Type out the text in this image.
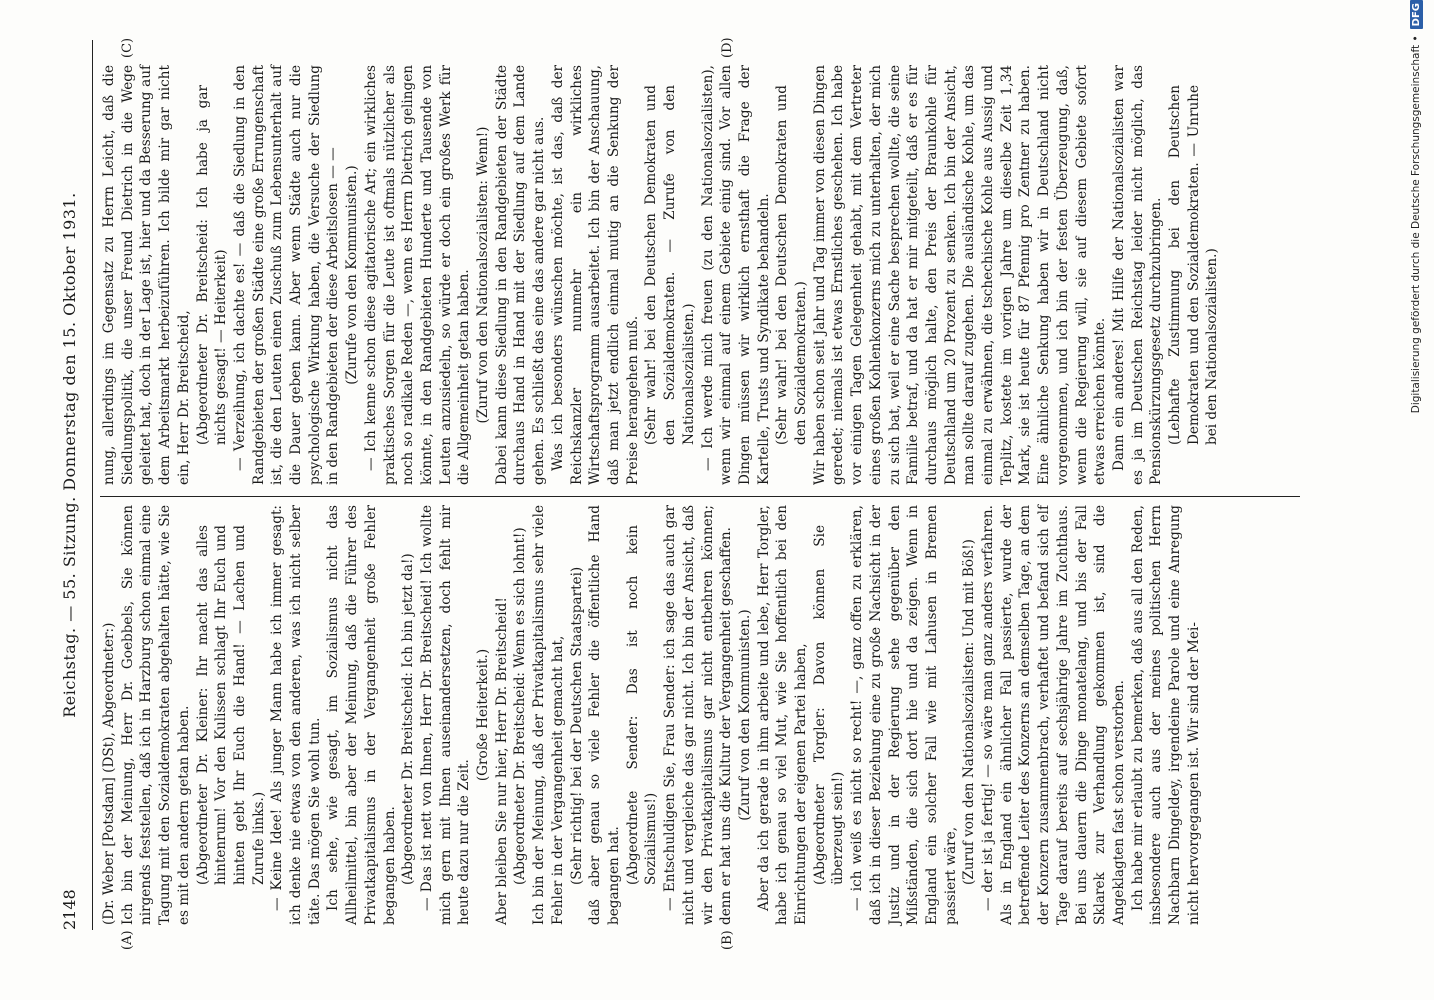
2148
Reichstag. — 55. Sitzung. Donnerstag den 15. Oktober 1931.
(A)	(B)
(C)	(D)

(Dr. Weber [Potsdam] (DSt), Abgeordneter:) Ich bin der Meinung, Herr Dr. Goebbels, Sie können nirgends feststellen, daß ich in Harzburg schon einmal eine Tagung mit den Sozialdemokraten abgehalten hätte, wie Sie es mit den andern getan haben. (Abgeordneter Dr. Kleiner: Ihr macht das alles hintenrum! Vor den Kulissen schlagt Ihr Euch und hinten gebt Ihr Euch die Hand! — Lachen und Zurufe links.) — Keine Idee! Als junger Mann habe ich immer gesagt: ich denke nie etwas von den anderen, was ich nicht selber täte. Das mögen Sie wohl tun. Ich sehe, wie gesagt, im Sozialismus nicht das Allheilmittel, bin aber der Meinung, daß die Führer des Privatkapitalismus in der Vergangenheit große Fehler begangen haben. (Abgeordneter Dr. Breitscheid: Ich bin jetzt da!) — Das ist nett von Ihnen, Herr Dr. Breitscheid! Ich wollte mich gern mit Ihnen auseinandersetzen, doch fehlt mir heute dazu nur die Zeit.

(Große Heiterkeit.) Aber bleiben Sie nur hier, Herr Dr. Breitscheid! (Abgeordneter Dr. Breitscheid: Wenn es sich lohnt!) Ich bin der Meinung, daß der Privatkapitalismus sehr viele Fehler in der Vergangenheit gemacht hat, (Sehr richtig! bei der Deutschen Staatspartei) daß aber genau so viele Fehler die öffentliche Hand begangen hat. (Abgeordnete Sender: Das ist noch kein Sozialismus!) — Entschuldigen Sie, Frau Sender: ich sage das auch gar nicht und vergleiche das gar nicht. Ich bin der Ansicht, daß wir den Privatkapitalismus gar nicht entbehren können; denn er hat uns die Kultur der Vergangenheit geschaffen. (Zuruf von den Kommunisten.) Aber da ich gerade in ihm arbeite und lebe, Herr Torgler, habe ich genau so viel Mut, wie Sie hoffentlich bei den Einrichtungen der eigenen Partei haben, (Abgeordneter Torgler: Davon können Sie überzeugt sein!) — ich weiß es nicht so recht! —, ganz offen zu erklären, daß ich in dieser Beziehung eine zu große Nachsicht in der Justiz und in der Regierung sehe gegenüber den Mißständen, die sich dort hie und da zeigen. Wenn in England ein solcher Fall wie mit Lahusen in Bremen passiert wäre, (Zuruf von den Nationalsozialisten: Und mit Böß!) — der ist ja fertig! — so wäre man ganz anders verfahren. Als in England ein ähnlicher Fall passierte, wurde der betreffende Leiter des Konzerns an demselben Tage, an dem der Konzern zusammenbrach, verhaftet und befand sich elf Tage darauf bereits auf sechsjährige Jahre im Zuchthaus. Bei uns dauern die Dinge monatelang, und bis der Fall Sklarek zur Verhandlung gekommen ist, sind die Angeklagten fast schon verstorben. Ich habe mir erlaubt zu bemerken, daß aus all den Reden, insbesondere auch aus der meines politischen Herrn Nachbarn Dingeldey, irgendeine Parole und eine Anregung nicht hervorgegangen ist. Wir sind der Mei-

nung, allerdings im Gegensatz zu Herrn Leicht, daß die Siedlungspolitik, die unser Freund Dietrich in die Wege geleitet hat, doch in der Lage ist, hier und da Besserung auf dem Arbeitsmarkt herbeizuführen. Ich bilde mir gar nicht ein, Herr Dr. Breitscheid, (Abgeordneter Dr. Breitscheid: Ich habe ja gar nichts gesagt! — Heiterkeit) — Verzeihung, ich dachte es! — daß die Siedlung in den Randgebieten der großen Städte eine große Errungenschaft ist, die den Leuten einen Zuschuß zum Lebensunterhalt auf die Dauer geben kann. Aber wenn Städte auch nur die psychologische Wirkung haben, die Versuche der Siedlung in den Randgebieten der diese Arbeitslosen — — (Zurufe von den Kommunisten.) — Ich kenne schon diese agitatorische Art; ein wirkliches praktisches Sorgen für die Leute ist oftmals nützlicher als noch so radikale Reden —, wenn es Herrn Dietrich gelingen könnte, in den Randgebieten Hunderte und Tausende von Leuten anzusiedeln, so würde er doch ein großes Werk für die Allgemeinheit getan haben. (Zuruf von den Nationalsozialisten: Wenn!) Dabei kann diese Siedlung in den Randgebieten der Städte durchaus Hand in Hand mit der Siedlung auf dem Lande gehen. Es schließt das eine das andere gar nicht aus. Was ich besonders wünschen möchte, ist das, daß der Reichskanzler nunmehr ein wirkliches Wirtschaftsprogramm ausarbeitet. Ich bin der Anschauung, daß man jetzt endlich einmal mutig an die Senkung der Preise herangehen muß. (Sehr wahr! bei den Deutschen Demokraten und den Sozialdemokraten. — Zurufe von den Nationalsozialisten.) — Ich werde mich freuen (zu den Nationalsozialisten), wenn wir einmal auf einem Gebiete einig sind. Vor allen Dingen müssen wir wirklich ernsthaft die Frage der Kartelle, Trusts und Syndikate behandeln. (Sehr wahr! bei den Deutschen Demokraten und den Sozialdemokraten.) Wir haben schon seit Jahr und Tag immer von diesen Dingen geredet; niemals ist etwas Ernstliches geschehen. Ich habe vor einigen Tagen Gelegenheit gehabt, mit dem Vertreter eines großen Kohlenkonzerns mich zu unterhalten, der mich zu sich bat, weil er eine Sache besprechen wollte, die seine Familie betraf, und da hat er mir mitgeteilt, daß er es für durchaus möglich halte, den Preis der Braunkohle für Deutschland um 20 Prozent zu senken. Ich bin der Ansicht, man sollte darauf zugehen. Die ausländische Kohle, um das einmal zu erwähnen, die tschechische Kohle aus Aussig und Teplitz, kostete im vorigen Jahre um dieselbe Zeit 1,34 Mark, sie ist heute für 87 Pfennig pro Zentner zu haben. Eine ähnliche Senkung haben wir in Deutschland nicht vorgenommen, und ich bin der festen Überzeugung, daß, wenn die Regierung will, sie auf diesem Gebiete sofort etwas erreichen könnte. Dann ein anderes! Mit Hilfe der Nationalsozialisten war es ja im Deutschen Reichstag leider nicht möglich, das Pensionskürzungsgesetz durchzubringen. (Lebhafte Zustimmung bei den Deutschen Demokraten und den Sozialdemokraten. — Unruhe bei den Nationalsozialisten.)	Digitalisierung gefördert durch die Deutsche Forschungsgemeinschaft •
DFG
